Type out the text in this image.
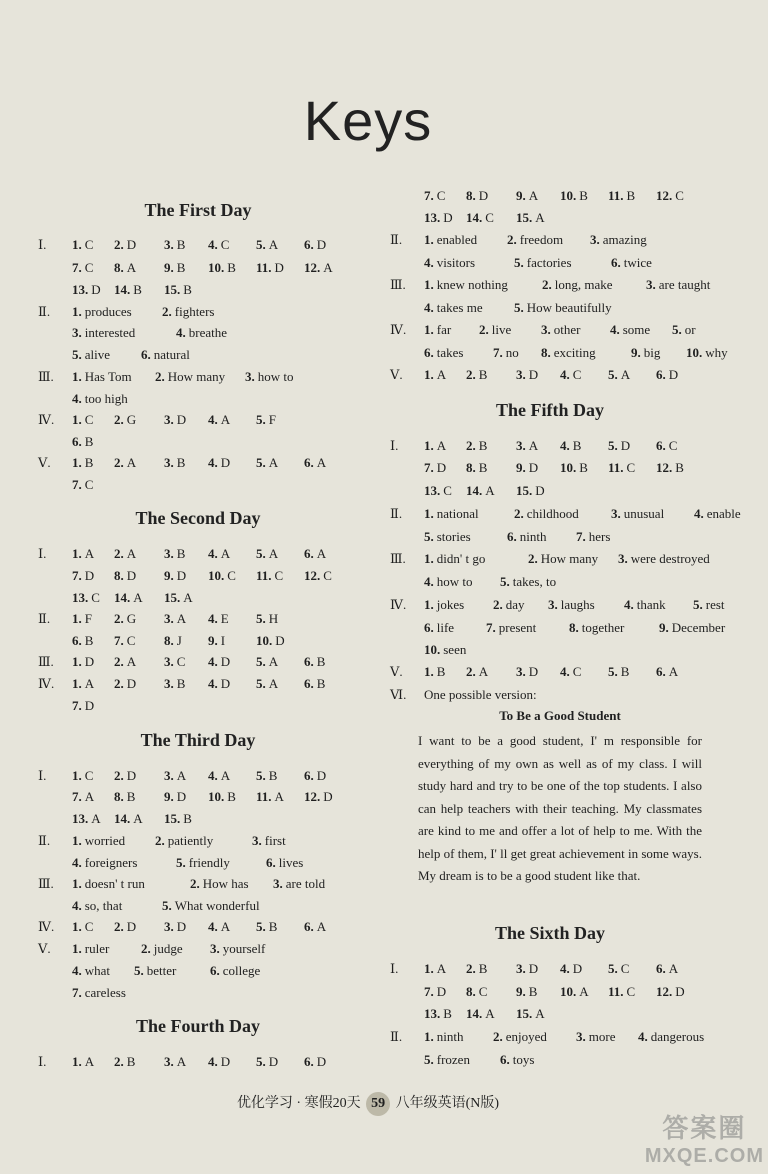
Keys
The First Day
Ⅰ. 1. C 2. D 3. B 4. C 5. A 6. D
7. C 8. A 9. B 10. B 11. D 12. A
13. D 14. B 15. B
Ⅱ. 1. produces 2. fighters
3. interested	4. breathe
5. alive 6. natural
Ⅲ. 1. Has Tom 2. How many 3. how to
4. too high
Ⅳ. 1. C 2. G 3. D 4. A 5. F
6. B
Ⅴ. 1. B 2. A 3. B 4. D 5. A 6. A
7. C
The Second Day
Ⅰ. 1. A 2. A 3. B 4. A 5. A 6. A
7. D 8. D 9. D 10. C 11. C 12. C
13. C 14. A 15. A
Ⅱ. 1. F 2. G 3. A 4. E 5. H
6. B 7. C 8. J 9. I 10. D
Ⅲ. 1. D 2. A 3. C 4. D 5. A 6. B
Ⅳ. 1. A 2. D 3. B 4. D 5. A 6. B
7. D
The Third Day
Ⅰ. 1. C 2. D 3. A 4. A 5. B 6. D
7. A 8. B 9. D 10. B 11. A 12. D
13. A 14. A 15. B
Ⅱ. 1. worried 2. patiently	3. first
4. foreigners	5. friendly	6. lives
Ⅲ. 1. doesn' t run	2. How has 3. are told
4. so, that	5. What wonderful
Ⅳ. 1. C 2. D 3. D 4. A 5. B 6. A
Ⅴ. 1. ruler 2. judge 3. yourself
4. what 5. better	6. college
7. careless
The Fourth Day
Ⅰ. 1. A 2. B 3. A 4. D 5. D 6. D
7. C 8. D 9. A 10. B 11. B 12. C
13. D 14. C 15. A
Ⅱ. 1. enabled 2. freedom 3. amazing
4. visitors	5. factories	6. twice
Ⅲ. 1. knew nothing	2. long, make	3. are taught
4. takes me 5. How beautifully
Ⅳ. 1. far 2. live 3. other 4. some 5. or
6. takes 7. no 8. exciting	9. big 10. why
Ⅴ. 1. A 2. B 3. D 4. C 5. A 6. D
The Fifth Day
Ⅰ. 1. A 2. B 3. A 4. B 5. D 6. C
7. D 8. B 9. D 10. B 11. C 12. B
13. C 14. A 15. D
Ⅱ. 1. national	2. childhood 3. unusual 4. enable
5. stories	6. ninth 7. hers
Ⅲ. 1. didn' t go	2. How many 3. were destroyed
4. how to 5. takes, to
Ⅳ. 1. jokes 2. day 3. laughs 4. thank 5. rest
6. life 7. present	8. together	9. December
10. seen
Ⅴ. 1. B 2. A 3. D 4. C 5. B 6. A
Ⅵ. One possible version:
The Sixth Day
Ⅰ. 1. A 2. B 3. D 4. D 5. C 6. A
7. D 8. C 9. B 10. A 11. C 12. D
13. B 14. A 15. A
Ⅱ. 1. ninth 2. enjoyed 3. more 4. dangerous
5. frozen 6. toys
To Be a Good Student
I want to be a good student, I' m responsible for everything of my own as well as of my class. I will study hard and try to be one of the top students. I also can help teachers with their teaching. My classmates are kind to me and offer a lot of help to me. With the help of them, I' ll get great achievement in some ways. My dream is to be a good student like that.
优化学习 · 寒假20天 59 八年级英语(N版)
答案圈
MXQE.COM
